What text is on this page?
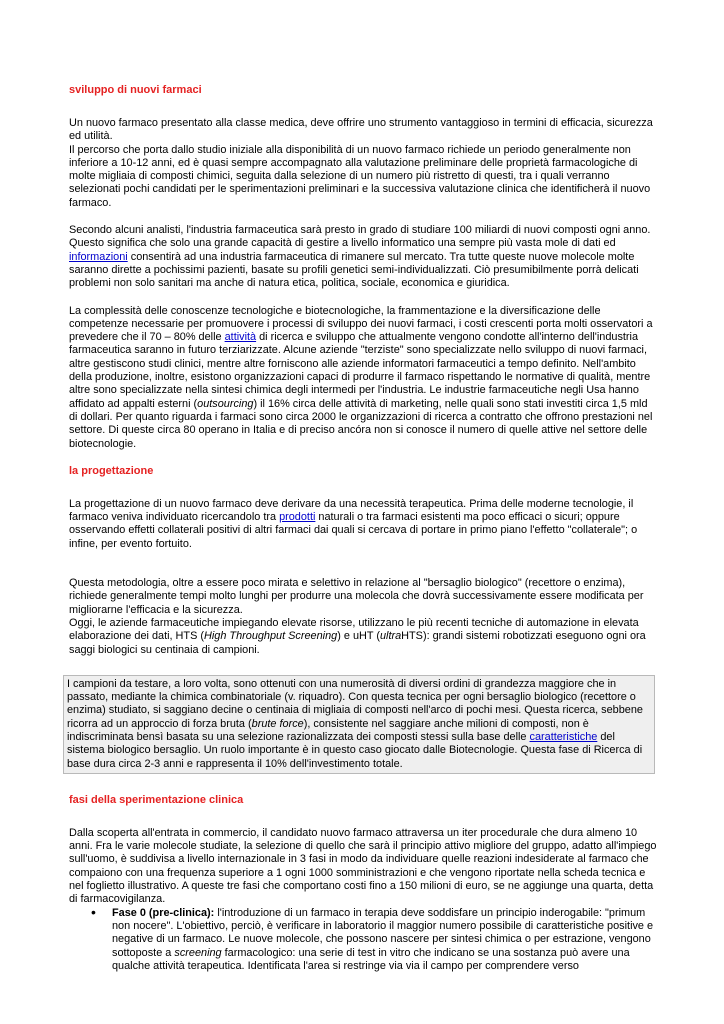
sviluppo di nuovi farmaci

Un nuovo farmaco presentato alla classe medica, deve offrire uno strumento vantaggioso in termini di efficacia, sicurezza ed utilità.

Il percorso che porta dallo studio iniziale alla disponibilità di un nuovo farmaco richiede un periodo generalmente non inferiore a 10-12 anni, ed è quasi sempre accompagnato alla valutazione preliminare delle proprietà farmacologiche di molte migliaia di composti chimici, seguita dalla selezione di un numero più ristretto di questi, tra i quali verranno selezionati pochi candidati per le sperimentazioni preliminari e la successiva valutazione clinica che identificherà il nuovo farmaco.

Secondo alcuni analisti, l'industria farmaceutica sarà presto in grado di studiare 100 miliardi di nuovi composti ogni anno. Questo significa che solo una grande capacità di gestire a livello informatico una sempre più vasta mole di dati ed informazioni consentirà ad una industria farmaceutica di rimanere sul mercato. Tra tutte queste nuove molecole molte saranno dirette a pochissimi pazienti, basate su profili genetici semi-individualizzati. Ciò presumibilmente porrà delicati problemi non solo sanitari ma anche di natura etica, politica, sociale, economica e giuridica.

La complessità delle conoscenze tecnologiche e biotecnologiche, la frammentazione e la diversificazione delle competenze necessarie per promuovere i processi di sviluppo dei nuovi farmaci, i costi crescenti porta molti osservatori a prevedere che il 70 – 80% delle attività di ricerca e sviluppo che attualmente vengono condotte all'interno dell'industria farmaceutica saranno in futuro terziarizzate. Alcune aziende "terziste" sono specializzate nello sviluppo di nuovi farmaci, altre gestiscono studi clinici, mentre altre forniscono alle aziende informatori farmaceutici a tempo definito. Nell'ambito della produzione, inoltre, esistono organizzazioni capaci di produrre il farmaco rispettando le normative di qualità, mentre altre sono specializzate nella sintesi chimica degli intermedi per l'industria. Le industrie farmaceutiche negli Usa hanno affidato ad appalti esterni (outsourcing) il 16% circa delle attività di marketing, nelle quali sono stati investiti circa 1,5 mld di dollari. Per quanto riguarda i farmaci sono circa 2000 le organizzazioni di ricerca a contratto che offrono prestazioni nel settore. Di queste circa 80 operano in Italia e di preciso ancóra non si conosce il numero di quelle attive nel settore delle biotecnologie.

la progettazione

La progettazione di un nuovo farmaco deve derivare da una necessità terapeutica. Prima delle moderne tecnologie, il farmaco veniva individuato ricercandolo tra prodotti naturali o tra farmaci esistenti ma poco efficaci o sicuri; oppure osservando effetti collaterali positivi di altri farmaci dai quali si cercava di portare in primo piano l'effetto "collaterale"; o infine, per evento fortuito.

Questa metodologia, oltre a essere poco mirata e selettivo in relazione al "bersaglio biologico" (recettore o enzima), richiede generalmente tempi molto lunghi per produrre una molecola che dovrà successivamente essere modificata per migliorarne l'efficacia e la sicurezza.

Oggi, le aziende farmaceutiche impiegando elevate risorse, utilizzano le più recenti tecniche di automazione in elevata elaborazione dei dati, HTS (High Throughput Screening) e uHT (ultraHTS): grandi sistemi robotizzati eseguono ogni ora saggi biologici su centinaia di campioni.

I campioni da testare, a loro volta, sono ottenuti con una numerosità di diversi ordini di grandezza maggiore che in passato, mediante la chimica combinatoriale (v. riquadro). Con questa tecnica per ogni bersaglio biologico (recettore o enzima) studiato, si saggiano decine o centinaia di migliaia di composti nell'arco di pochi mesi. Questa ricerca, sebbene ricorra ad un approccio di forza bruta (brute force), consistente nel saggiare anche milioni di composti, non è indiscriminata bensì basata su una selezione razionalizzata dei composti stessi sulla base delle caratteristiche del sistema biologico bersaglio. Un ruolo importante è in questo caso giocato dalle Biotecnologie. Questa fase di Ricerca di base dura circa 2-3 anni e rappresenta il 10% dell'investimento totale.
fasi della sperimentazione clinica

Dalla scoperta all'entrata in commercio, il candidato nuovo farmaco attraversa un iter procedurale che dura almeno 10 anni. Fra le varie molecole studiate, la selezione di quello che sarà il principio attivo migliore del gruppo, adatto all'impiego sull'uomo, è suddivisa a livello internazionale in 3 fasi in modo da individuare quelle reazioni indesiderate al farmaco che compaiono con una frequenza superiore a 1 ogni 1000 somministrazioni e che vengono riportate nella scheda tecnica e nel foglietto illustrativo. A queste tre fasi che comportano costi fino a 150 milioni di euro, se ne aggiunge una quarta, detta di farmacovigilanza.

• Fase 0 (pre-clinica): l'introduzione di un farmaco in terapia deve soddisfare un principio inderogabile: "primum non nocere". L'obiettivo, perciò, è verificare in laboratorio il maggior numero possibile di caratteristiche positive e negative di un farmaco. Le nuove molecole, che possono nascere per sintesi chimica o per estrazione, vengono sottoposte a screening farmacologico: una serie di test in vitro che indicano se una sostanza può avere una qualche attività terapeutica. Identificata l'area si restringe via via il campo per comprendere verso
